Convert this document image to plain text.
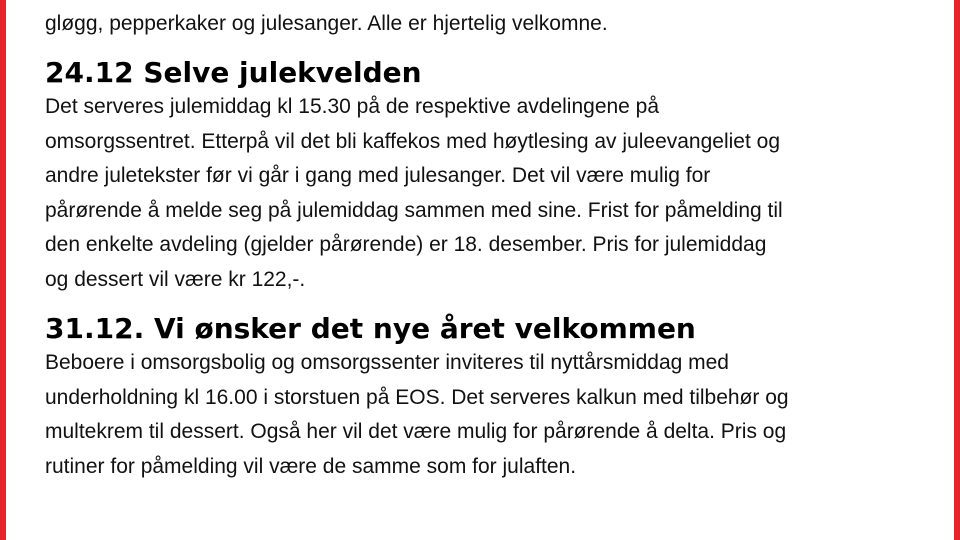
gløgg, pepperkaker og julesanger. Alle er hjertelig velkomne.

24.12 Selve julekvelden

Det serveres julemiddag kl 15.30 på de respektive avdelingene på
omsorgssentret. Etterpå vil det bli kaffekos med høytlesing av juleevangeliet og
andre juletekster før vi går i gang med julesanger. Det vil være mulig for
pårørende å melde seg på julemiddag sammen med sine. Frist for påmelding til
den enkelte avdeling (gjelder pårørende) er 18. desember. Pris for julemiddag
og dessert vil være kr 122,-.

31.12. Vi ønsker det nye året velkommen

Beboere i omsorgsbolig og omsorgssenter inviteres til nyttårsmiddag med
underholdning kl 16.00 i storstuen på EOS. Det serveres kalkun med tilbehør og
multekrem til dessert. Også her vil det være mulig for pårørende å delta. Pris og
rutiner for påmelding vil være de samme som for julaften.
